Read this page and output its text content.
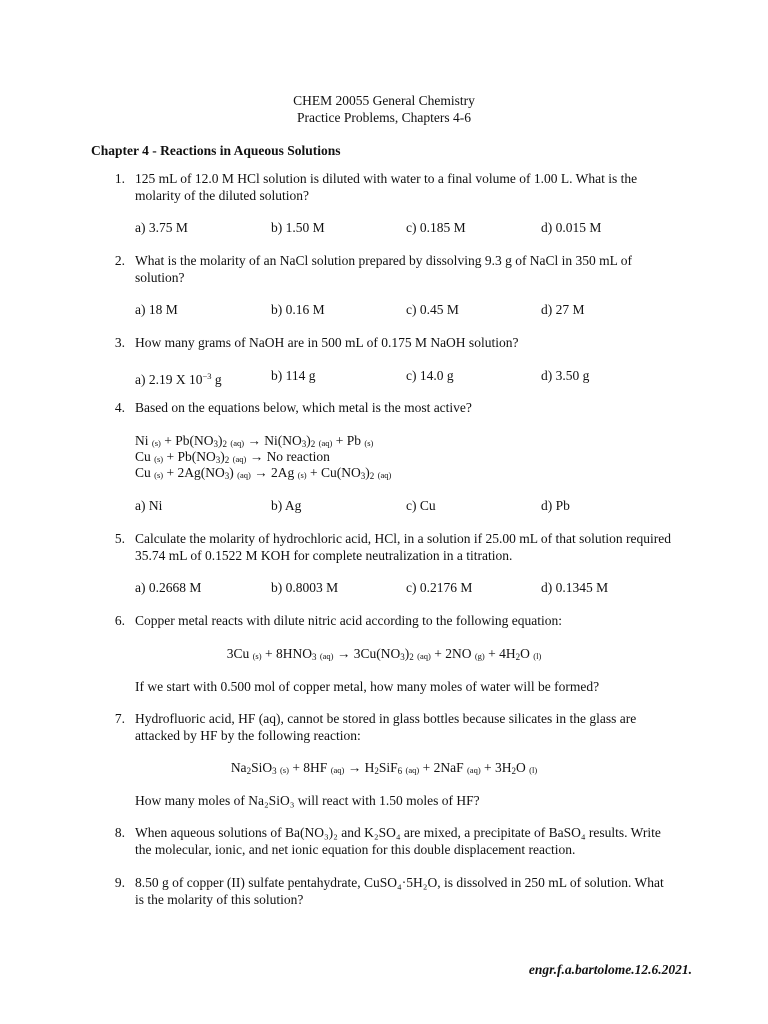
CHEM 20055 General Chemistry
Practice Problems, Chapters 4-6
Chapter 4 - Reactions in Aqueous Solutions
1. 125 mL of 12.0 M HCl solution is diluted with water to a final volume of 1.00 L. What is the
molarity of the diluted solution?
a) 3.75 M	b) 1.50 M	c) 0.185 M	d) 0.015 M
2. What is the molarity of an NaCl solution prepared by dissolving 9.3 g of NaCl in 350 mL of
solution?
a) 18 M	b) 0.16 M	c) 0.45 M	d) 27 M
3. How many grams of NaOH are in 500 mL of 0.175 M NaOH solution?
a) 2.19 X $10^{-3}$ g	b) 114 g	c) 14.0 g	d) 3.50 g
4. Based on the equations below, which metal is the most active?
Ni $(s) + Pb(NO_3)_2$ $(aq) \to Ni(NO_3)_2$ (aq) + Pb (s)
Cu $(s) + Pb(NO_3)_2$ (aq) → No reaction
Cu $(s) + 2Ag(NO_3) (aq) \to 2Ag$ $(s) + Cu(NO_3)_2$ (aq)
a) Ni	b) Ag	c) Cu	d) Pb
5. Calculate the molarity of hydrochloric acid, HCl, in a solution if 25.00 mL of that solution required
35.74 mL of 0.1522 M KOH for complete neutralization in a titration.
a) 0.2668 M	b) 0.8003 M	c) 0.2176 M	d) 0.1345 M
6. Copper metal reacts with dilute nitric acid according to the following equation:
3Cu $(s) + 8HNO_3$ $(aq) \to 3Cu(NO_3)_2$ (aq) + 2NO $(g) + 4H_2O$ (l)
If we start with 0.500 mol of copper metal, how many moles of water will be formed?
7. Hydrofluoric acid, HF (aq), cannot be stored in glass bottles because silicates in the glass are
attacked by HF by the following reaction:
$Na_2SiO_3$ (s) + 8HF $(aq) \to H_2SiF_6$ (aq) + 2NaF $(aq) + 3H_2O$ (l)
How many moles of Na₂SiO₃ will react with 1.50 moles of HF?
8. When aqueous solutions of Ba(NO₃)₂ and K₂SO₄ are mixed, a precipitate of BaSO₄ results. Write
the molecular, ionic, and net ionic equation for this double displacement reaction.
9. 8.50 g of copper (II) sulfate pentahydrate, CuSO₄·5H₂O, is dissolved in 250 mL of solution. What
is the molarity of this solution?
engr.f.a.bartolome.12.6.2021.
